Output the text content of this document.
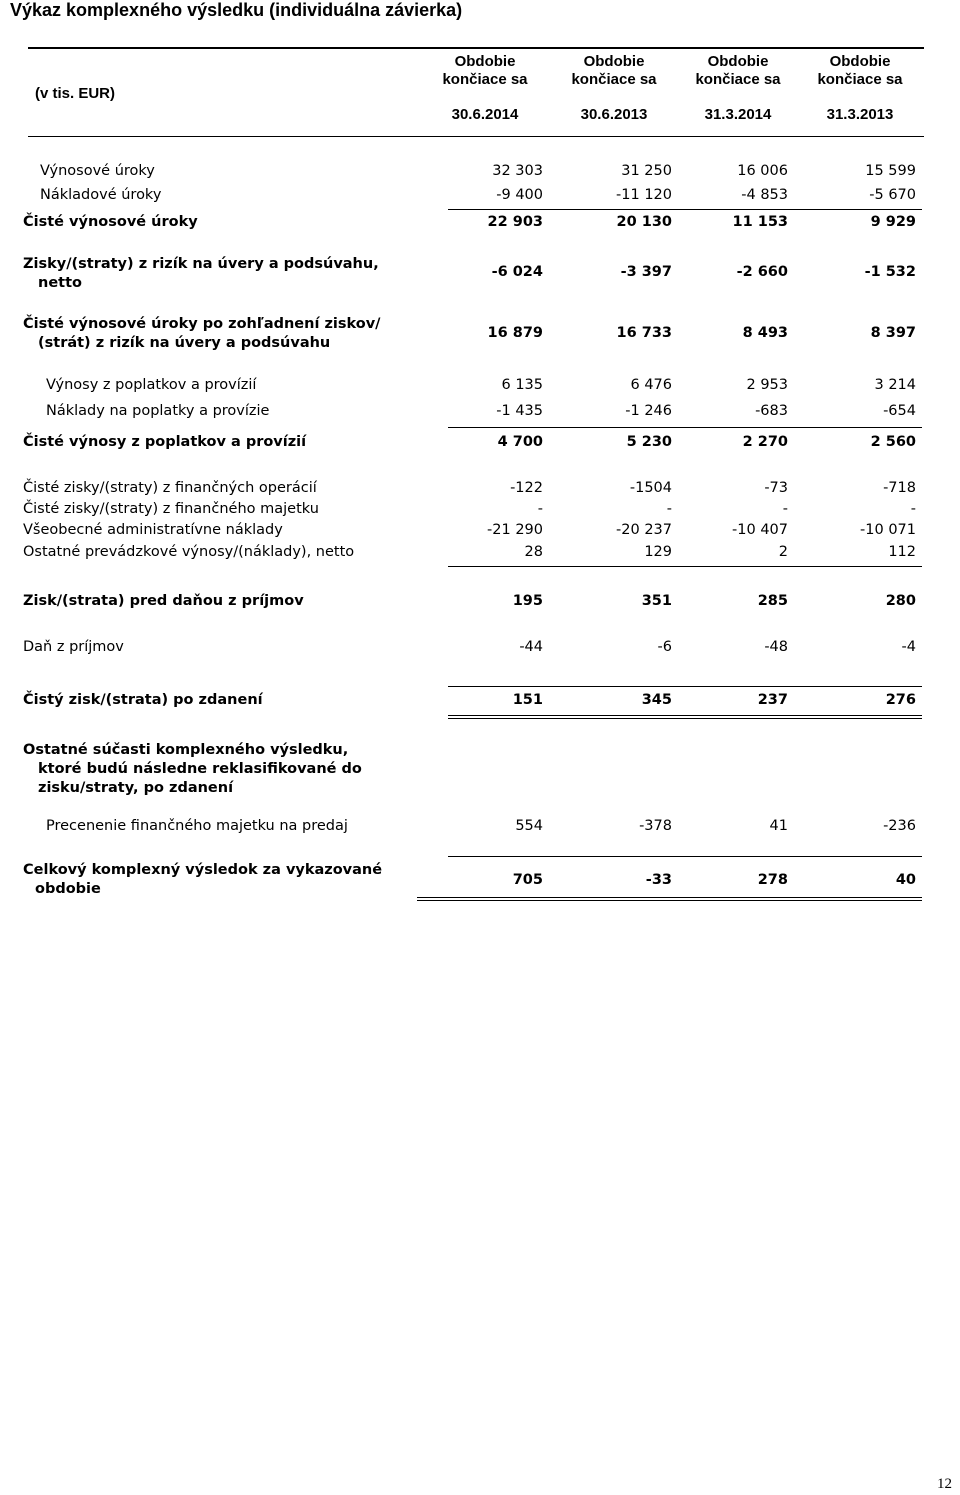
Výkaz komplexného výsledku (individuálna závierka)
(v tis. EUR)
Obdobie
končiace sa
Obdobie
končiace sa
Obdobie
končiace sa
Obdobie
končiace sa
30.6.2014	30.6.2013	31.3.2014	31.3.2013
Výnosové úroky	32 303	31 250	16 006	15 599
Nákladové úroky	-9 400	-11 120	-4 853	-5 670
Čisté výnosové úroky	22 903	20 130	11 153	9 929
Zisky/(straty) z rizík na úvery a podsúvahu,
netto
-6 024	-3 397	-2 660	-1 532
Čisté výnosové úroky po zohľadnení ziskov/
(strát) z rizík na úvery a podsúvahu
16 879	16 733	8 493	8 397
Výnosy z poplatkov a provízií	6 135	6 476	2 953	3 214
Náklady na poplatky a provízie	-1 435	-1 246	-683	-654
Čisté výnosy z poplatkov a provízií	4 700	5 230	2 270	2 560
Čisté zisky/(straty) z finančných operácií	-122	-1504	-73	-718
Čisté zisky/(straty) z finančného majetku	-	-	-	-
Všeobecné administratívne náklady	-21 290	-20 237	-10 407	-10 071
Ostatné prevádzkové výnosy/(náklady), netto	28	129	2	112
Zisk/(strata) pred daňou z príjmov	195	351	285	280
Daň z príjmov	-44	-6	-48	-4
Čistý zisk/(strata) po zdanení	151	345	237	276
Ostatné súčasti komplexného výsledku,
ktoré budú následne reklasifikované do
zisku/straty, po zdanení
Precenenie finančného majetku na predaj	554	-378	41	-236
Celkový komplexný výsledok za vykazované
obdobie
705	-33	278	40
12
